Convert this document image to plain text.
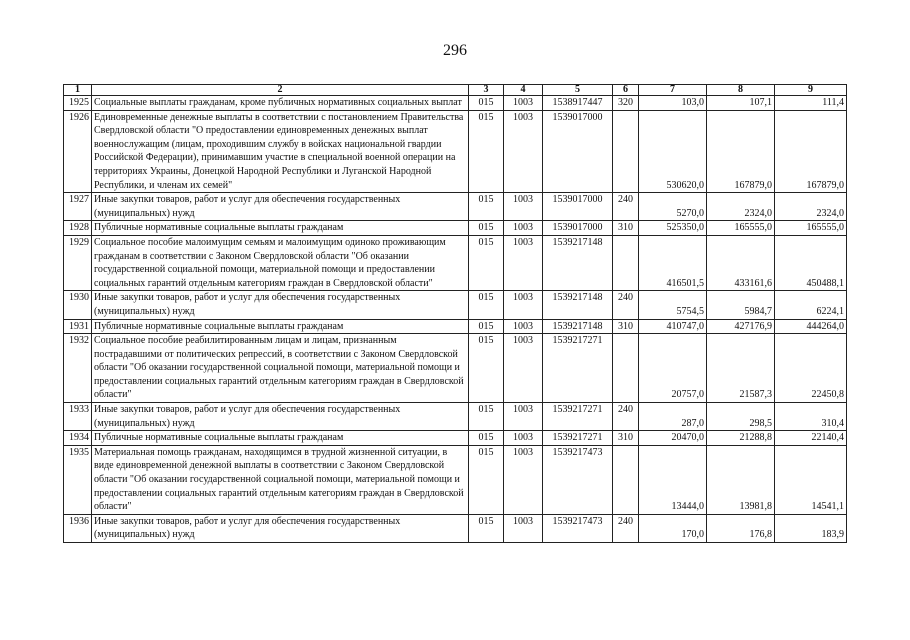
296
1	2	3	4	5	6	7	8	9
1925	Социальные выплаты гражданам, кроме публичных нормативных социальных выплат	015	1003	1538917447	320	103,0	107,1	111,4
1926	Единовременные денежные выплаты в соответствии с постановлением Правительства Свердловской области "О предоставлении единовременных денежных выплат военнослужащим (лицам, проходившим службу в войсках национальной гвардии Российской Федерации), принимавшим участие в специальной военной операции на территориях Украины, Донецкой Народной Республики и Луганской Народной Республики, и членам их семей"	015	1003	1539017000		530620,0	167879,0	167879,0
1927	Иные закупки товаров, работ и услуг для обеспечения государственных (муниципальных) нужд	015	1003	1539017000	240	5270,0	2324,0	2324,0
1928	Публичные нормативные социальные выплаты гражданам	015	1003	1539017000	310	525350,0	165555,0	165555,0
1929	Социальное пособие малоимущим семьям и малоимущим одиноко проживающим гражданам в соответствии с Законом Свердловской области "Об оказании государственной социальной помощи, материальной помощи и предоставлении социальных гарантий отдельным категориям граждан в Свердловской области"	015	1003	1539217148		416501,5	433161,6	450488,1
1930	Иные закупки товаров, работ и услуг для обеспечения государственных (муниципальных) нужд	015	1003	1539217148	240	5754,5	5984,7	6224,1
1931	Публичные нормативные социальные выплаты гражданам	015	1003	1539217148	310	410747,0	427176,9	444264,0
1932	Социальное пособие реабилитированным лицам и лицам, признанным пострадавшими от политических репрессий, в соответствии с Законом Свердловской области "Об оказании государственной социальной помощи, материальной помощи и предоставлении социальных гарантий отдельным категориям граждан в Свердловской области"	015	1003	1539217271		20757,0	21587,3	22450,8
1933	Иные закупки товаров, работ и услуг для обеспечения государственных (муниципальных) нужд	015	1003	1539217271	240	287,0	298,5	310,4
1934	Публичные нормативные социальные выплаты гражданам	015	1003	1539217271	310	20470,0	21288,8	22140,4
1935	Материальная помощь гражданам, находящимся в трудной жизненной ситуации, в виде единовременной денежной выплаты в соответствии с Законом Свердловской области "Об оказании государственной социальной помощи, материальной помощи и предоставлении социальных гарантий отдельным категориям граждан в Свердловской области"	015	1003	1539217473		13444,0	13981,8	14541,1
1936	Иные закупки товаров, работ и услуг для обеспечения государственных (муниципальных) нужд	015	1003	1539217473	240	170,0	176,8	183,9
